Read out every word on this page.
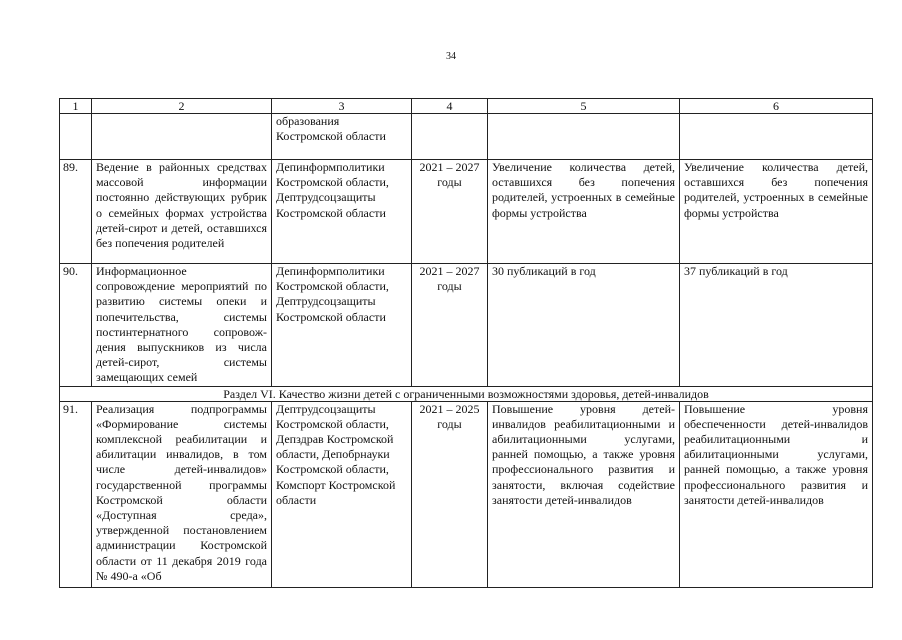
34
1	2	3	4	5	6
		образования Костромской области			
89.	Ведение в районных средствах массовой информации постоянно действующих рубрик о семейных формах устройства детей-сирот и детей, оставшихся без попечения родителей	Депинформполитики Костромской области, Дептрудсоцзащиты Костромской области	2021 – 2027 годы	Увеличение количества детей, оставшихся без попечения родителей, устроенных в семейные формы устройства	Увеличение количества детей, оставшихся без попечения родителей, устроенных в семейные формы устройства
90.	Информационное сопровождение мероприятий по развитию системы опеки и попечительства, системы постинтернатного сопровож-дения выпускников из числа детей-сирот, системы замещающих семей	Депинформполитики Костромской области, Дептрудсоцзащиты Костромской области	2021 – 2027 годы	30 публикаций в год	37 публикаций в год
Раздел VI. Качество жизни детей с ограниченными возможностями здоровья, детей-инвалидов					
91.	Реализация подпрограммы «Формирование системы комплексной реабилитации и абилитации инвалидов, в том числе детей-инвалидов» государственной программы Костромской области «Доступная среда», утвержденной постановлением администрации Костромской области от 11 декабря 2019 года № 490-а «Об	Дептрудсоцзащиты Костромской области, Депздрав Костромской области, Депобрнауки Костромской области, Комспорт Костромской области	2021 – 2025 годы	Повышение уровня детей-инвалидов реабилитационными и абилитационными услугами, ранней помощью, а также уровня профессионального развития и занятости, включая содействие занятости детей-инвалидов	Повышение уровня обеспеченности детей-инвалидов реабилитационными и абилитационными услугами, ранней помощью, а также уровня профессионального развития и занятости детей-инвалидов
